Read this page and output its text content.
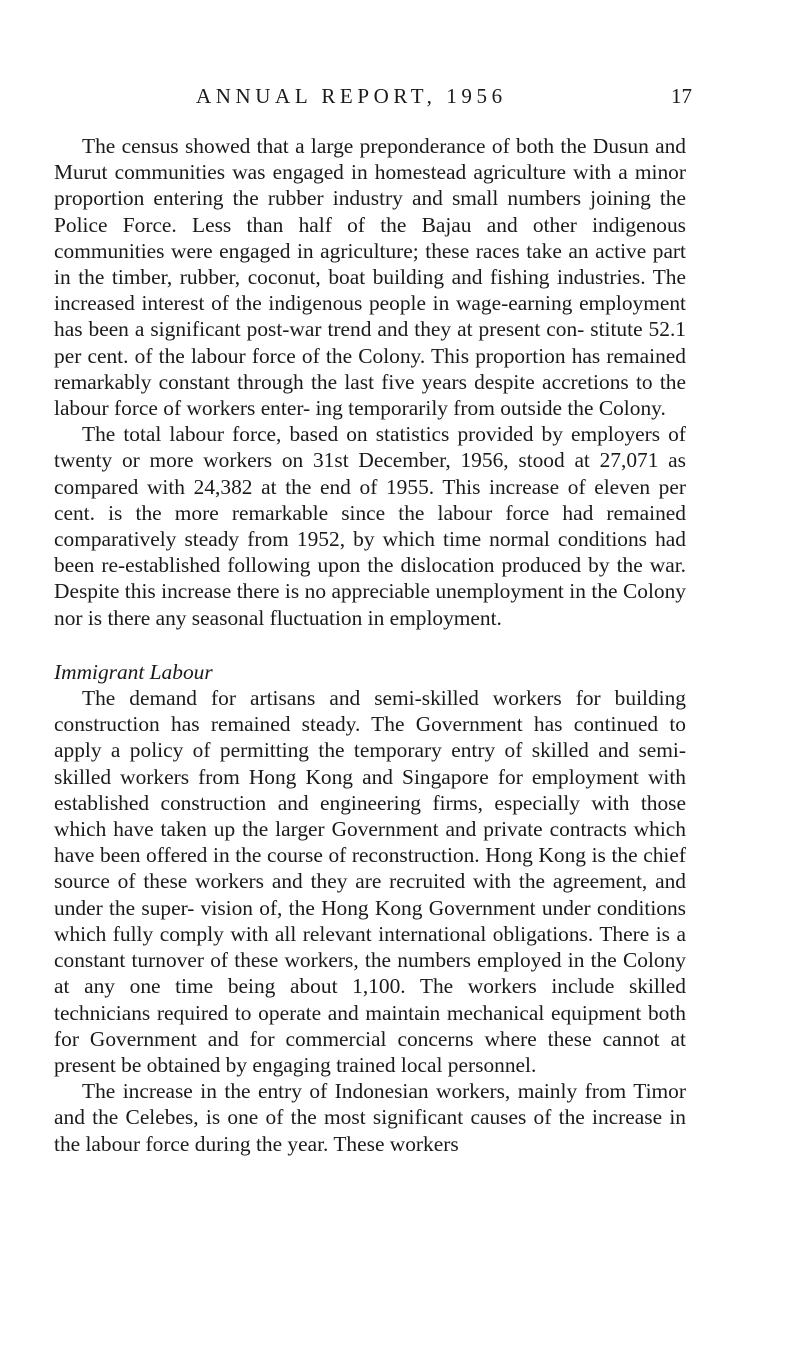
ANNUAL REPORT, 1956	17

The census showed that a large preponderance of both the Dusun and Murut communities was engaged in homestead agriculture with a minor proportion entering the rubber industry and small numbers joining the Police Force. Less than half of the Bajau and other indigenous communities were engaged in agriculture; these races take an active part in the timber, rubber, coconut, boat building and fishing industries. The increased interest of the indigenous people in wage-earning employment has been a significant post-war trend and they at present con- stitute 52.1 per cent. of the labour force of the Colony. This proportion has remained remarkably constant through the last five years despite accretions to the labour force of workers enter- ing temporarily from outside the Colony.

The total labour force, based on statistics provided by employers of twenty or more workers on 31st December, 1956, stood at 27,071 as compared with 24,382 at the end of 1955. This increase of eleven per cent. is the more remarkable since the labour force had remained comparatively steady from 1952, by which time normal conditions had been re-established following upon the dislocation produced by the war. Despite this increase there is no appreciable unemployment in the Colony nor is there any seasonal fluctuation in employment.

Immigrant Labour

The demand for artisans and semi-skilled workers for building construction has remained steady. The Government has continued to apply a policy of permitting the temporary entry of skilled and semi-skilled workers from Hong Kong and Singapore for employment with established construction and engineering firms, especially with those which have taken up the larger Government and private contracts which have been offered in the course of reconstruction. Hong Kong is the chief source of these workers and they are recruited with the agreement, and under the super- vision of, the Hong Kong Government under conditions which fully comply with all relevant international obligations. There is a constant turnover of these workers, the numbers employed in the Colony at any one time being about 1,100. The workers include skilled technicians required to operate and maintain mechanical equipment both for Government and for commercial concerns where these cannot at present be obtained by engaging trained local personnel.

The increase in the entry of Indonesian workers, mainly from Timor and the Celebes, is one of the most significant causes of the increase in the labour force during the year. These workers
